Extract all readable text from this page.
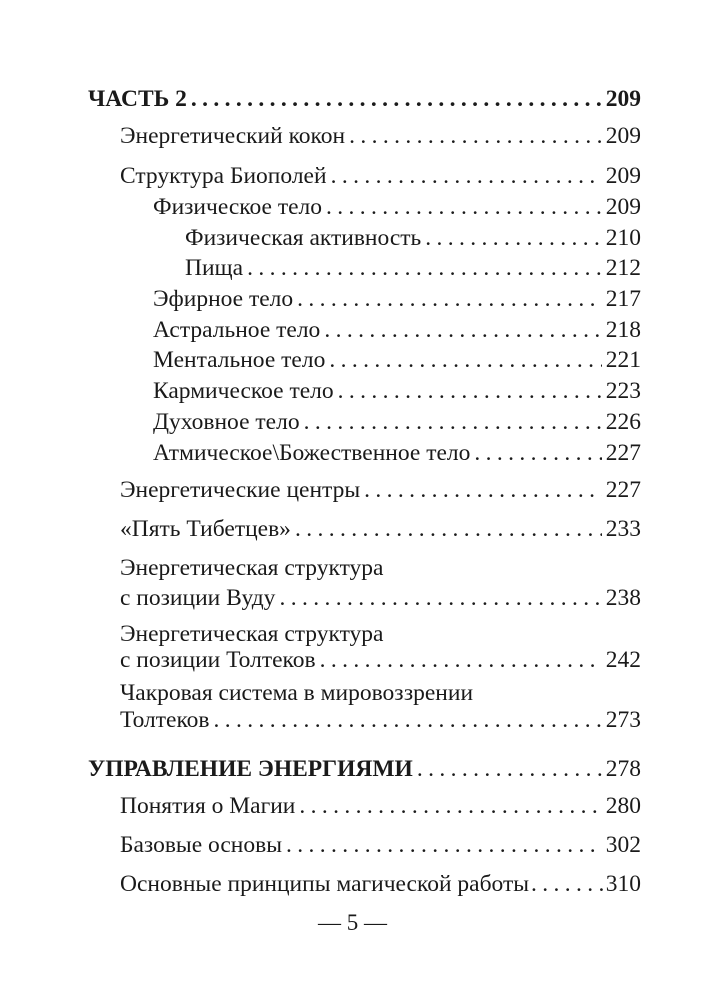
ЧАСТЬ 2 . . .	209
Энергетический кокон . . .	209
Структура Биополей . . .	209
Физическое тело . . .	209
Физическая активность . . .	210
Пища . . .	212
Эфирное тело . . .	217
Астральное тело . . .	218
Ментальное тело . . .	221
Кармическое тело . . .	223
Духовное тело . . .	226
Атмическое\Божественное тело . . .	227
Энергетические центры . . .	227
«Пять Тибетцев» . . .	233
Энергетическая структура
с позиции Вуду . . .	238
Энергетическая структура
с позиции Толтеков . . .	242
Чакровая система в мировоззрении
Толтеков . . .	273
УПРАВЛЕНИЕ ЭНЕРГИЯМИ . . .	278
Понятия о Магии . . .	280
Базовые основы . . .	302
Основные принципы магической работы . . .	310
— 5 —
